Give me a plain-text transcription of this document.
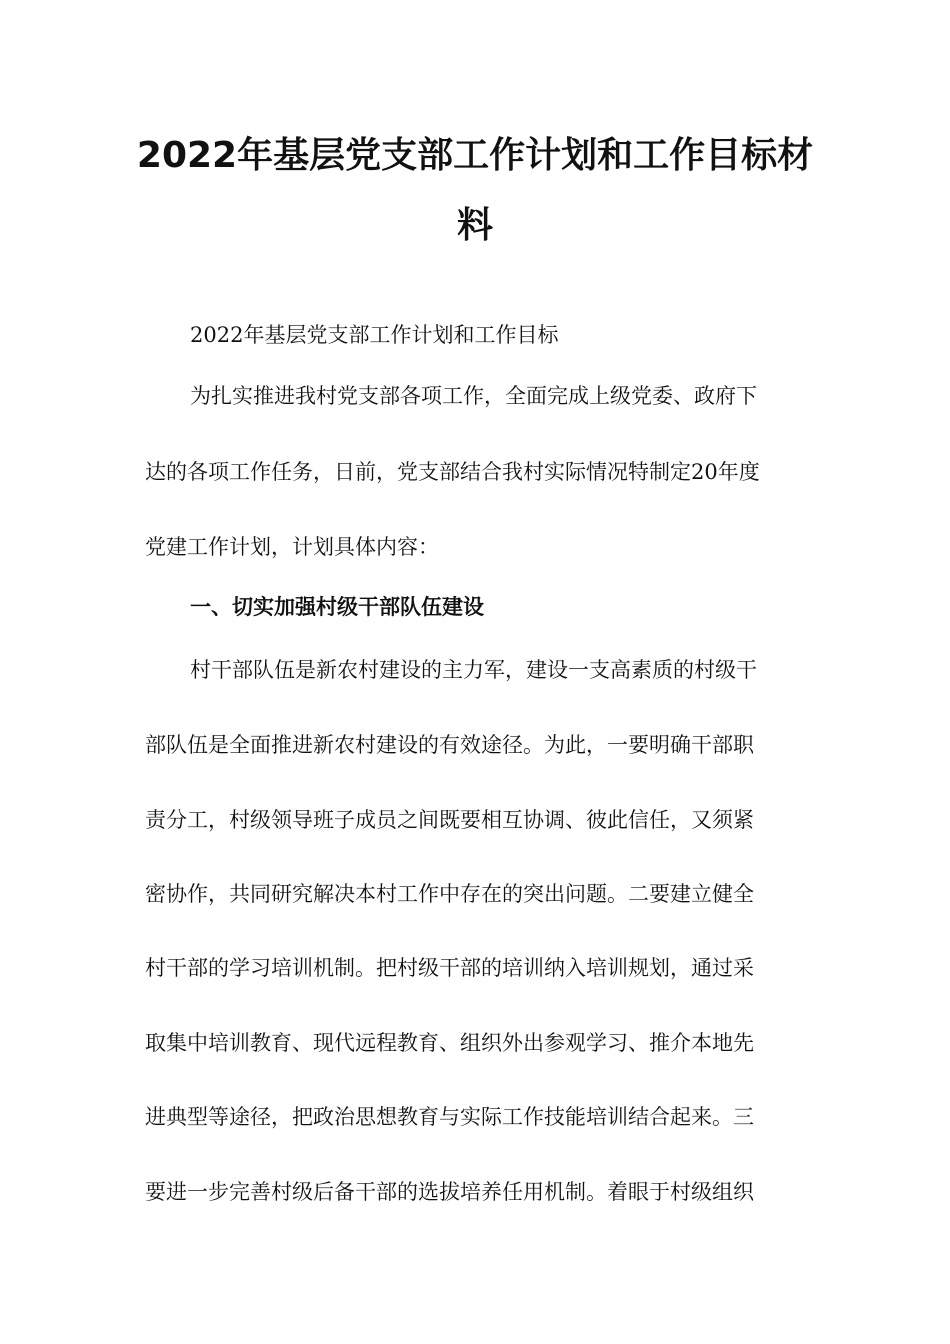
2022年基层党支部工作计划和工作目标材
料
2022年基层党支部工作计划和工作目标
为扎实推进我村党支部各项工作，全面完成上级党委、政府下
达的各项工作任务，日前，党支部结合我村实际情况特制定20年度
党建工作计划，计划具体内容：
一、切实加强村级干部队伍建设
村干部队伍是新农村建设的主力军，建设一支高素质的村级干
部队伍是全面推进新农村建设的有效途径。为此，一要明确干部职
责分工，村级领导班子成员之间既要相互协调、彼此信任，又须紧
密协作，共同研究解决本村工作中存在的突出问题。二要建立健全
村干部的学习培训机制。把村级干部的培训纳入培训规划，通过采
取集中培训教育、现代远程教育、组织外出参观学习、推介本地先
进典型等途径，把政治思想教育与实际工作技能培训结合起来。三
要进一步完善村级后备干部的选拔培养任用机制。着眼于村级组织
